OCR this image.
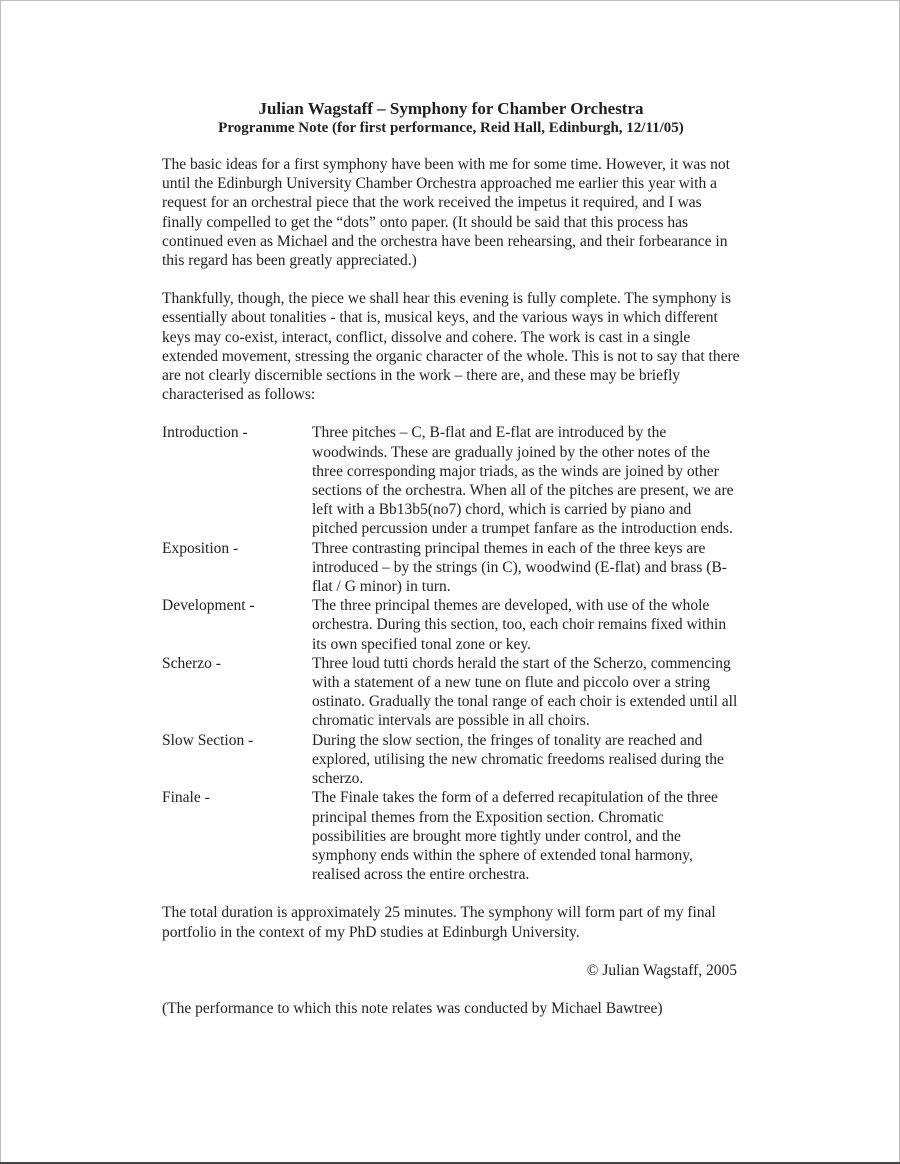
Julian Wagstaff – Symphony for Chamber Orchestra

Programme Note (for first performance, Reid Hall, Edinburgh, 12/11/05)

The basic ideas for a first symphony have been with me for some time. However, it was not until the Edinburgh University Chamber Orchestra approached me earlier this year with a request for an orchestral piece that the work received the impetus it required, and I was finally compelled to get the “dots” onto paper. (It should be said that this process has continued even as Michael and the orchestra have been rehearsing, and their forbearance in this regard has been greatly appreciated.)

Thankfully, though, the piece we shall hear this evening is fully complete. The symphony is essentially about tonalities - that is, musical keys, and the various ways in which different keys may co-exist, interact, conflict, dissolve and cohere. The work is cast in a single extended movement, stressing the organic character of the whole. This is not to say that there are not clearly discernible sections in the work – there are, and these may be briefly characterised as follows:

Introduction -	Three pitches – C, B-flat and E-flat are introduced by the woodwinds. These are gradually joined by the other notes of the three corresponding major triads, as the winds are joined by other sections of the orchestra. When all of the pitches are present, we are left with a Bb13b5(no7) chord, which is carried by piano and pitched percussion under a trumpet fanfare as the introduction ends.
Exposition -	Three contrasting principal themes in each of the three keys are introduced – by the strings (in C), woodwind (E-flat) and brass (B-flat / G minor) in turn.
Development -	The three principal themes are developed, with use of the whole orchestra. During this section, too, each choir remains fixed within its own specified tonal zone or key.
Scherzo -	Three loud tutti chords herald the start of the Scherzo, commencing with a statement of a new tune on flute and piccolo over a string ostinato. Gradually the tonal range of each choir is extended until all chromatic intervals are possible in all choirs.
Slow Section -	During the slow section, the fringes of tonality are reached and explored, utilising the new chromatic freedoms realised during the scherzo.
Finale -	The Finale takes the form of a deferred recapitulation of the three principal themes from the Exposition section. Chromatic possibilities are brought more tightly under control, and the symphony ends within the sphere of extended tonal harmony, realised across the entire orchestra.

The total duration is approximately 25 minutes. The symphony will form part of my final portfolio in the context of my PhD studies at Edinburgh University.

© Julian Wagstaff, 2005

(The performance to which this note relates was conducted by Michael Bawtree)
